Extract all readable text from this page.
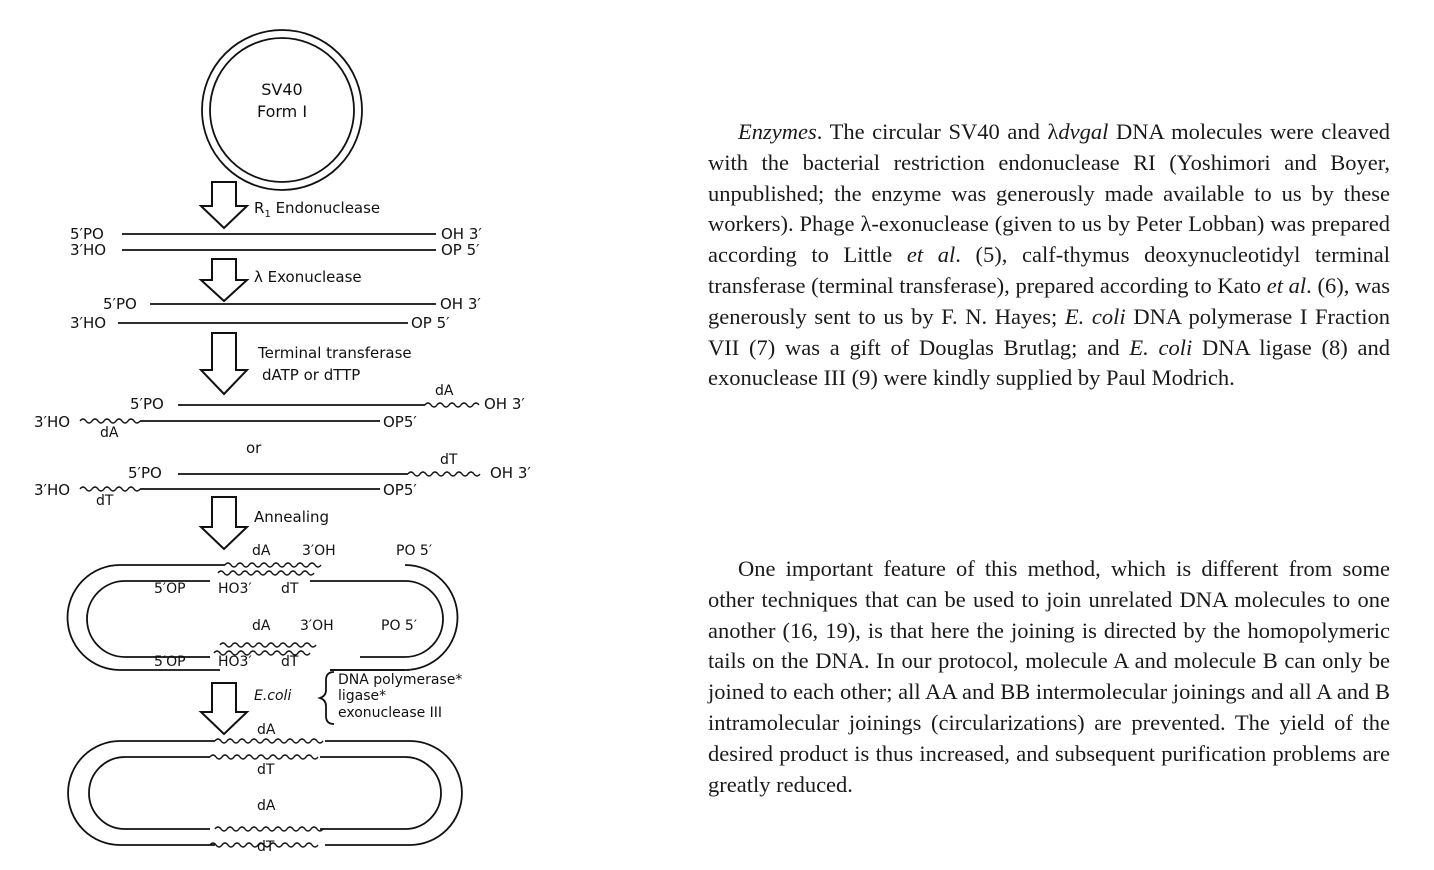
SV40
Form I
$R_1$ Endonuclease
5′PO
3′HO
OH 3′
OP 5′
λ Exonuclease
5′PO
3′HO
OH 3′
OP 5′
Terminal transferase
dATP or dTTP
5′PO
3′HO
dA
dA
OH 3′
OP5′
or
5′PO
3′HO
dT
dT
OH 3′
OP5′
Annealing
dA 3′OH	PO 5′
5′OP HO3′ dT
dA 3′OH	PO 5′
5′OP HO3′ dT
E.coli
DNA polymerase*
ligase*
exonuclease III
dA
dT
dA
dT

Enzymes. The circular SV40 and λdvgal DNA molecules were cleaved with the bacterial restriction endonuclease RI (Yoshimori and Boyer, unpublished; the enzyme was generously made available to us by these workers). Phage λ-exonuclease (given to us by Peter Lobban) was prepared according to Little et al. (5), calf-thymus deoxynucleotidyl terminal transferase (terminal transferase), prepared according to Kato et al. (6), was generously sent to us by F. N. Hayes; E. coli DNA polymerase I Fraction VII (7) was a gift of Douglas Brutlag; and E. coli DNA ligase (8) and exonuclease III (9) were kindly supplied by Paul Modrich.

One important feature of this method, which is different from some other techniques that can be used to join unrelated DNA molecules to one another (16, 19), is that here the joining is directed by the homopolymeric tails on the DNA. In our protocol, molecule A and molecule B can only be joined to each other; all AA and BB intermolecular joinings and all A and B intramolecular joinings (circularizations) are prevented. The yield of the desired product is thus increased, and subsequent purification problems are greatly reduced.
